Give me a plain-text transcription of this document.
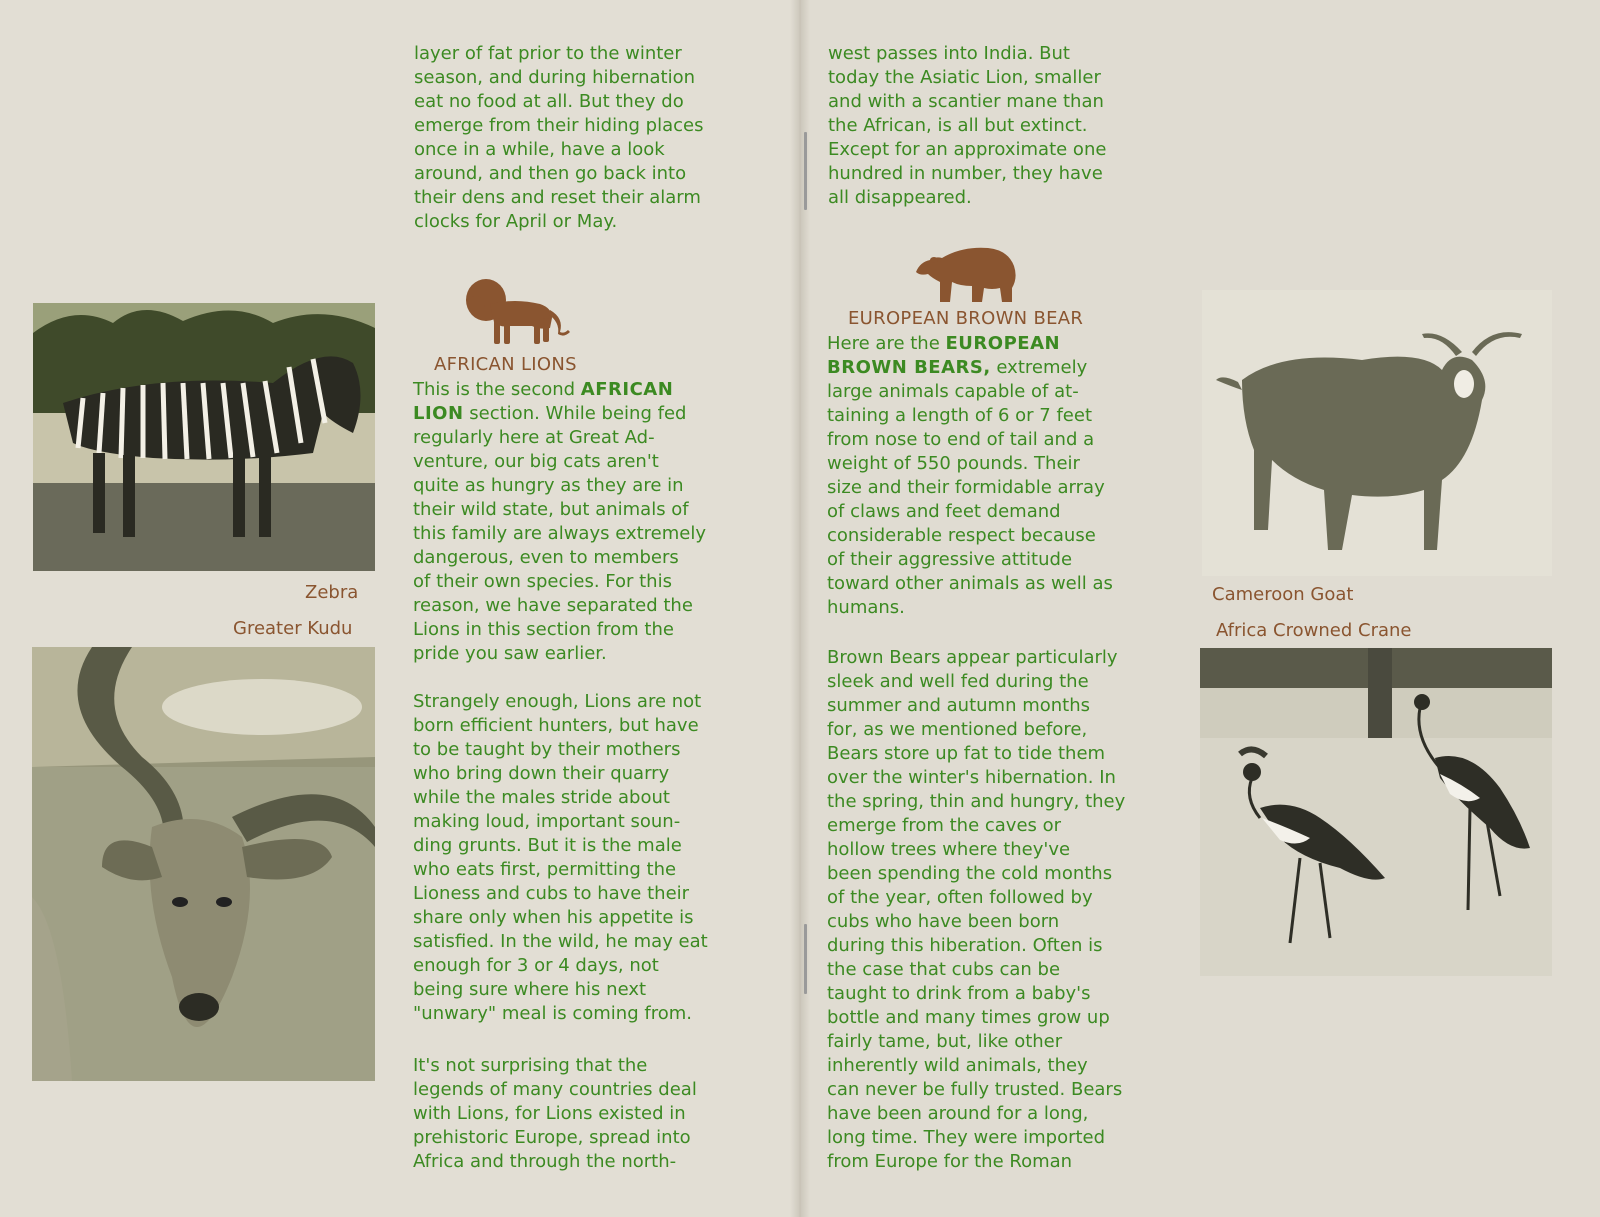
layer of fat prior to the winter
season, and during hibernation
eat no food at all. But they do
emerge from their hiding places
once in a while, have a look
around, and then go back into
their dens and reset their alarm
clocks for April or May.
AFRICAN LIONS
This is the second AFRICAN
LION section. While being fed
regularly here at Great Ad-
venture, our big cats aren't
quite as hungry as they are in
their wild state, but animals of
this family are always extremely
dangerous, even to members
of their own species. For this
reason, we have separated the
Lions in this section from the
pride you saw earlier.
Strangely enough, Lions are not
born efficient hunters, but have
to be taught by their mothers
who bring down their quarry
while the males stride about
making loud, important soun-
ding grunts. But it is the male
who eats first, permitting the
Lioness and cubs to have their
share only when his appetite is
satisfied. In the wild, he may eat
enough for 3 or 4 days, not
being sure where his next
"unwary" meal is coming from.
It's not surprising that the
legends of many countries deal
with Lions, for Lions existed in
prehistoric Europe, spread into
Africa and through the north-
Zebra
Greater Kudu
west passes into India. But
today the Asiatic Lion, smaller
and with a scantier mane than
the African, is all but extinct.
Except for an approximate one
hundred in number, they have
all disappeared.
EUROPEAN BROWN BEAR
Here are the EUROPEAN
BROWN BEARS, extremely
large animals capable of at-
taining a length of 6 or 7 feet
from nose to end of tail and a
weight of 550 pounds. Their
size and their formidable array
of claws and feet demand
considerable respect because
of their aggressive attitude
toward other animals as well as
humans.
Brown Bears appear particularly
sleek and well fed during the
summer and autumn months
for, as we mentioned before,
Bears store up fat to tide them
over the winter's hibernation. In
the spring, thin and hungry, they
emerge from the caves or
hollow trees where they've
been spending the cold months
of the year, often followed by
cubs who have been born
during this hiberation. Often is
the case that cubs can be
taught to drink from a baby's
bottle and many times grow up
fairly tame, but, like other
inherently wild animals, they
can never be fully trusted. Bears
have been around for a long,
long time. They were imported
from Europe for the Roman
Cameroon Goat
Africa Crowned Crane
